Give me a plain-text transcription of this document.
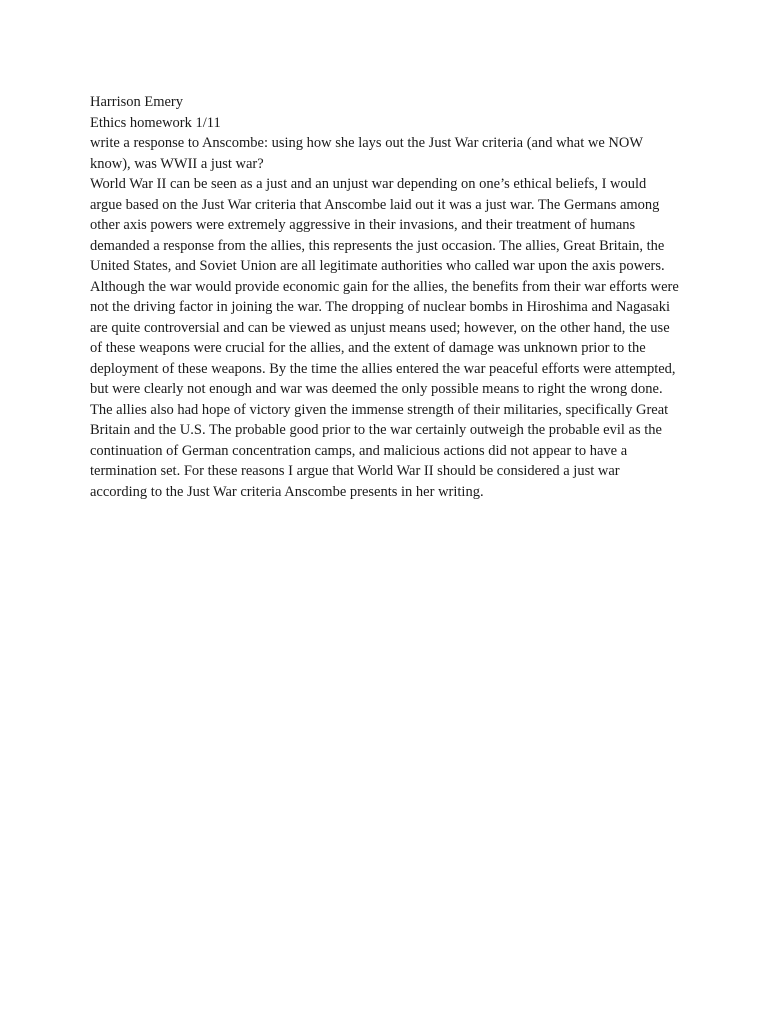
Harrison Emery

Ethics homework 1/11

write a response to Anscombe: using how she lays out the Just War criteria (and what we NOW know), was WWII a just war?

World War II can be seen as a just and an unjust war depending on one’s ethical beliefs, I would argue based on the Just War criteria that Anscombe laid out it was a just war. The Germans among other axis powers were extremely aggressive in their invasions, and their treatment of humans demanded a response from the allies, this represents the just occasion. The allies, Great Britain, the United States, and Soviet Union are all legitimate authorities who called war upon the axis powers. Although the war would provide economic gain for the allies, the benefits from their war efforts were not the driving factor in joining the war. The dropping of nuclear bombs in Hiroshima and Nagasaki are quite controversial and can be viewed as unjust means used; however, on the other hand, the use of these weapons were crucial for the allies, and the extent of damage was unknown prior to the deployment of these weapons. By the time the allies entered the war peaceful efforts were attempted, but were clearly not enough and war was deemed the only possible means to right the wrong done. The allies also had hope of victory given the immense strength of their militaries, specifically Great Britain and the U.S. The probable good prior to the war certainly outweigh the probable evil as the continuation of German concentration camps, and malicious actions did not appear to have a termination set. For these reasons I argue that World War II should be considered a just war according to the Just War criteria Anscombe presents in her writing.
